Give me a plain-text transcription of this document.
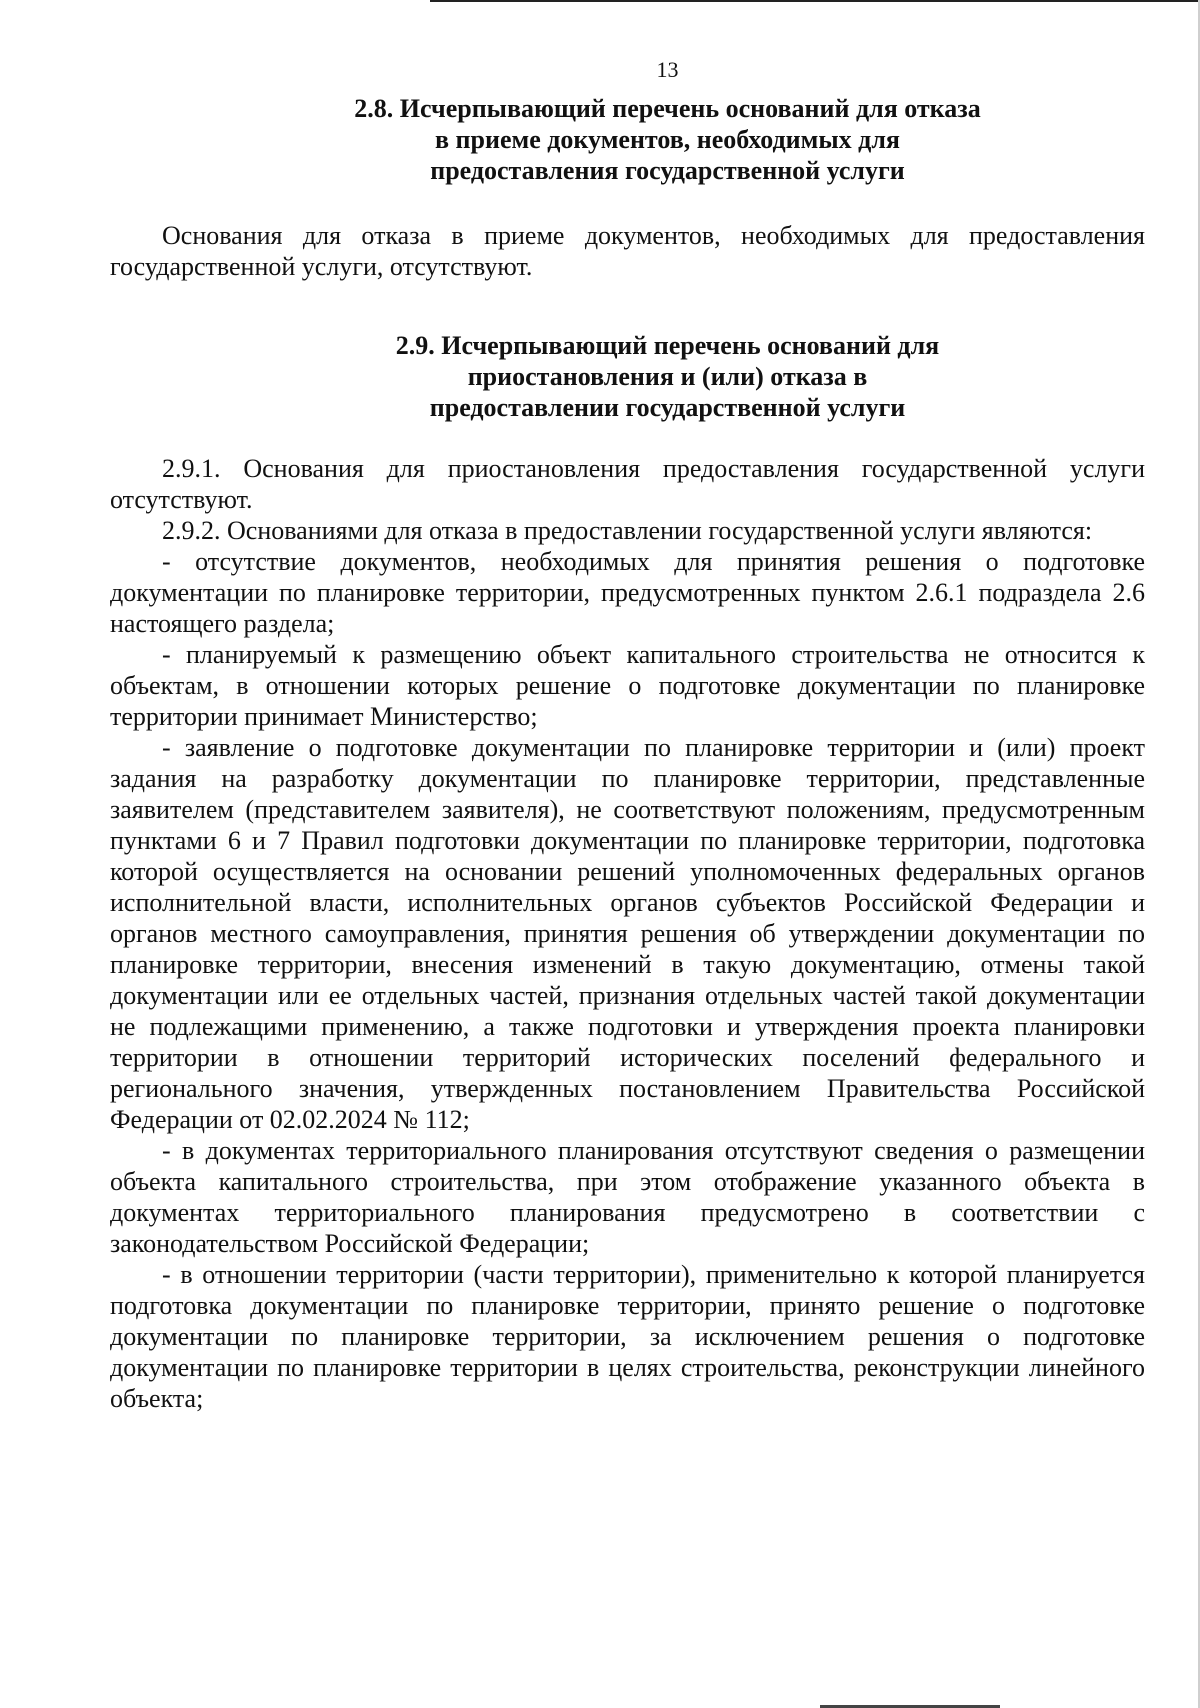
13
2.8. Исчерпывающий перечень оснований для отказа
в приеме документов, необходимых для
предоставления государственной услуги

Основания для отказа в приеме документов, необходимых для предоставления государственной услуги, отсутствуют.

2.9. Исчерпывающий перечень оснований для
приостановления и (или) отказа в
предоставлении государственной услуги

2.9.1. Основания для приостановления предоставления государственной услуги отсутствуют.

2.9.2. Основаниями для отказа в предоставлении государственной услуги являются:

- отсутствие документов, необходимых для принятия решения о подготовке документации по планировке территории, предусмотренных пунктом 2.6.1 подраздела 2.6 настоящего раздела;

- планируемый к размещению объект капитального строительства не относится к объектам, в отношении которых решение о подготовке документации по планировке территории принимает Министерство;

- заявление о подготовке документации по планировке территории и (или) проект задания на разработку документации по планировке территории, представленные заявителем (представителем заявителя), не соответствуют положениям, предусмотренным пунктами 6 и 7 Правил подготовки документации по планировке территории, подготовка которой осуществляется на основании решений уполномоченных федеральных органов исполнительной власти, исполнительных органов субъектов Российской Федерации и органов местного самоуправления, принятия решения об утверждении документации по планировке территории, внесения изменений в такую документацию, отмены такой документации или ее отдельных частей, признания отдельных частей такой документации не подлежащими применению, а также подготовки и утверждения проекта планировки территории в отношении территорий исторических поселений федерального и регионального значения, утвержденных постановлением Правительства Российской Федерации от 02.02.2024 № 112;

- в документах территориального планирования отсутствуют сведения о размещении объекта капитального строительства, при этом отображение указанного объекта в документах территориального планирования предусмотрено в соответствии с законодательством Российской Федерации;

- в отношении территории (части территории), применительно к которой планируется подготовка документации по планировке территории, принято решение о подготовке документации по планировке территории, за исключением решения о подготовке документации по планировке территории в целях строительства, реконструкции линейного объекта;
